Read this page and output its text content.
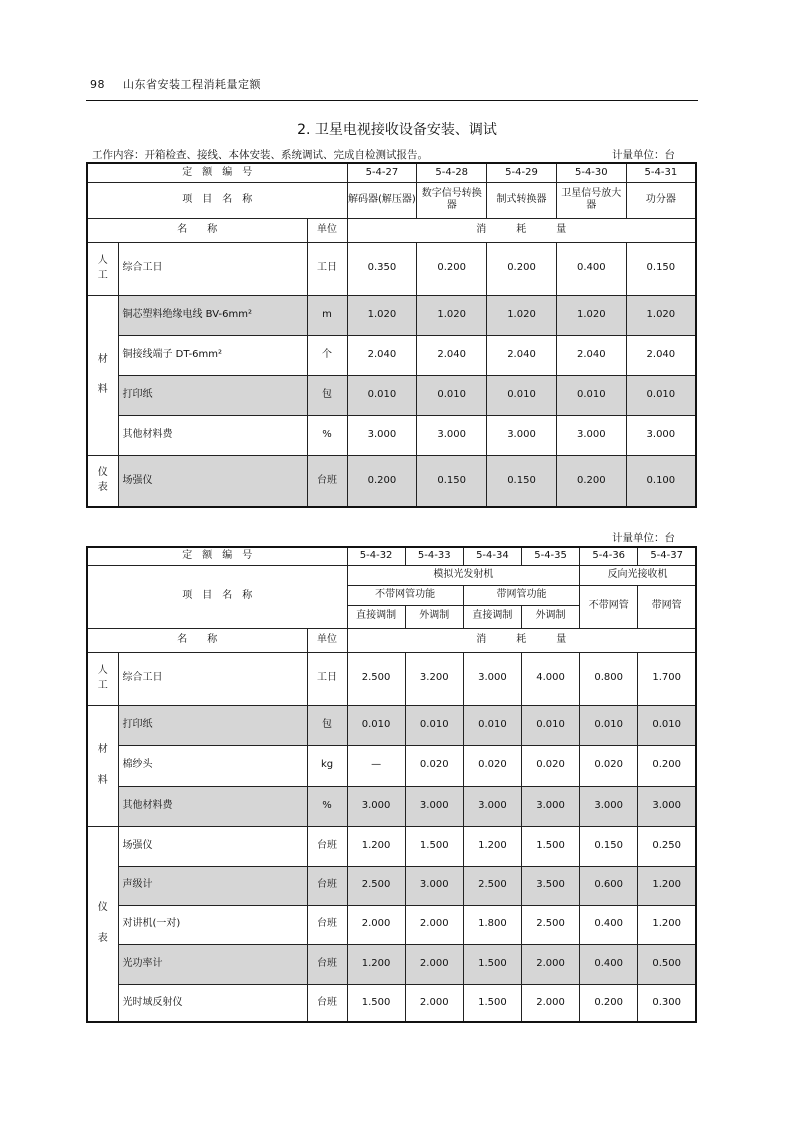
98 山东省安装工程消耗量定额
2. 卫星电视接收设备安装、调试
工作内容：开箱检查、接线、本体安装、系统调试、完成自检测试报告。	计量单位：台
计量单位：台
定　额　编　号			5-4-27	5-4-28	5-4-29	5-4-30	5-4-31
项　目　名　称			解码器(解压器)	数字信号转换器	制式转换器	卫星信号放大器	功分器
名　　称		单位	消　　　耗　　　量				

人
工	综合工日	工日	0.350	0.200	0.200	0.400	0.150

材
料	铜芯塑料绝缘电线 BV-6mm²	m	1.020	1.020	1.020	1.020	1.020
	铜接线端子 DT-6mm²	个	2.040	2.040	2.040	2.040	2.040
	打印纸	包	0.010	0.010	0.010	0.010	0.010
	其他材料费	%	3.000	3.000	3.000	3.000	3.000

仪
表	场强仪	台班	0.200	0.150	0.150	0.200	0.100
定　额　编　号			5-4-32	5-4-33	5-4-34	5-4-35	5-4-36	5-4-37
项　目　名　称			模拟光发射机				反向光接收机	
			不带网管功能		带网管功能		不带网管	带网管
			直接调制	外调制	直接调制	外调制		
名　　称		单位	消　　　耗　　　量					

人
工	综合工日	工日	2.500	3.200	3.000	4.000	0.800	1.700

材
料	打印纸	包	0.010	0.010	0.010	0.010	0.010	0.010
	棉纱头	kg	—	0.020	0.020	0.020	0.020	0.200
	其他材料费	%	3.000	3.000	3.000	3.000	3.000	3.000

仪
表	场强仪	台班	1.200	1.500	1.200	1.500	0.150	0.250
	声级计	台班	2.500	3.000	2.500	3.500	0.600	1.200
	对讲机(一对)	台班	2.000	2.000	1.800	2.500	0.400	1.200
	光功率计	台班	1.200	2.000	1.500	2.000	0.400	0.500
	光时域反射仪	台班	1.500	2.000	1.500	2.000	0.200	0.300
